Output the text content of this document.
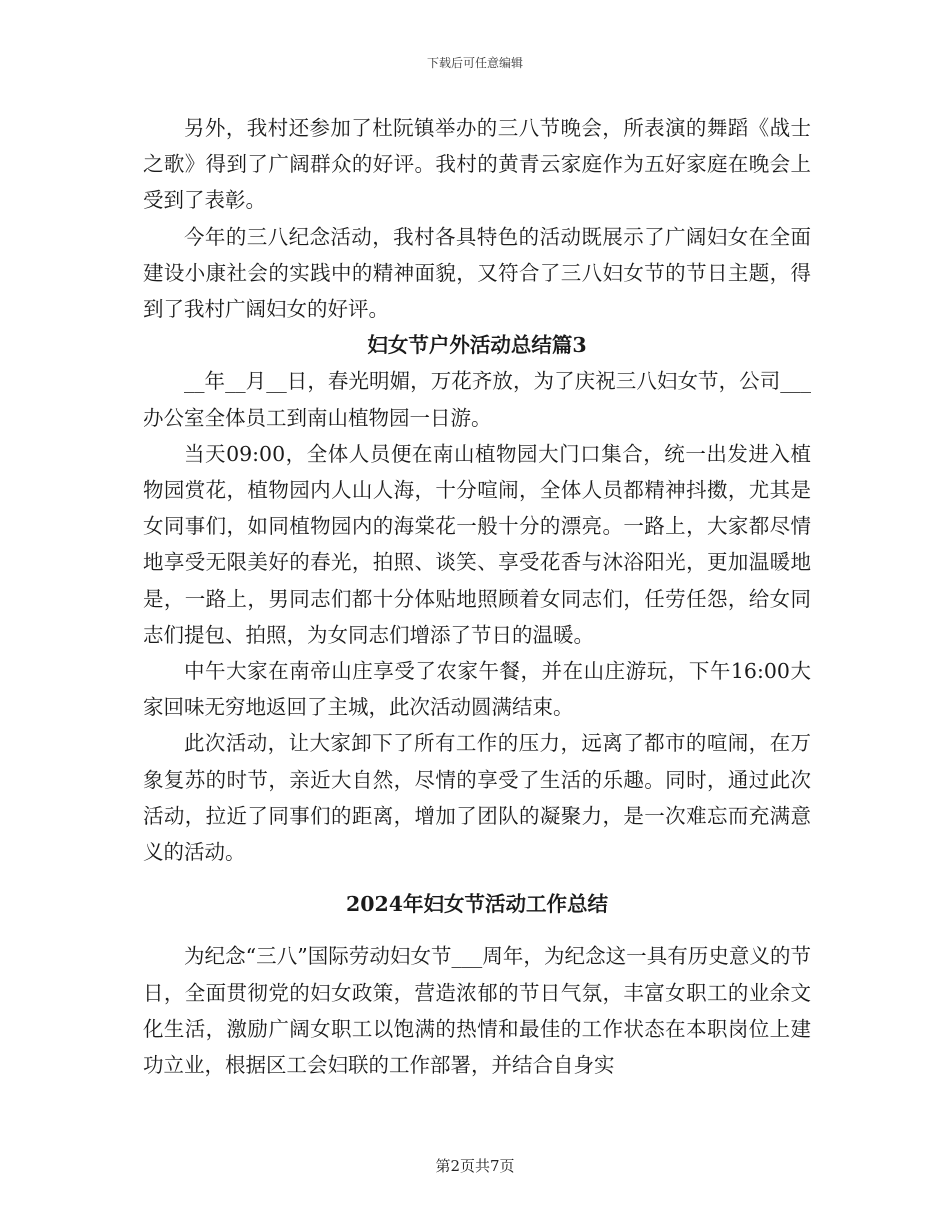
下载后可任意编辑

另外，我村还参加了杜阮镇举办的三八节晚会，所表演的舞蹈《战士之歌》得到了广阔群众的好评。我村的黄青云家庭作为五好家庭在晚会上受到了表彰。

今年的三八纪念活动，我村各具特色的活动既展示了广阔妇女在全面建设小康社会的实践中的精神面貌，又符合了三八妇女节的节日主题，得到了我村广阔妇女的好评。

妇女节户外活动总结篇3

__年__月__日，春光明媚，万花齐放，为了庆祝三八妇女节，公司___办公室全体员工到南山植物园一日游。

当天09:00，全体人员便在南山植物园大门口集合，统一出发进入植物园赏花，植物园内人山人海，十分喧闹，全体人员都精神抖擞，尤其是女同事们，如同植物园内的海棠花一般十分的漂亮。一路上，大家都尽情地享受无限美好的春光，拍照、谈笑、享受花香与沐浴阳光，更加温暖地是，一路上，男同志们都十分体贴地照顾着女同志们，任劳任怨，给女同志们提包、拍照，为女同志们增添了节日的温暖。

中午大家在南帝山庄享受了农家午餐，并在山庄游玩，下午16:00大家回味无穷地返回了主城，此次活动圆满结束。

此次活动，让大家卸下了所有工作的压力，远离了都市的喧闹，在万象复苏的时节，亲近大自然，尽情的享受了生活的乐趣。同时，通过此次活动，拉近了同事们的距离，增加了团队的凝聚力，是一次难忘而充满意义的活动。

2024年妇女节活动工作总结

为纪念“三八”国际劳动妇女节___周年，为纪念这一具有历史意义的节日，全面贯彻党的妇女政策，营造浓郁的节日气氛，丰富女职工的业余文化生活，激励广阔女职工以饱满的热情和最佳的工作状态在本职岗位上建功立业，根据区工会妇联的工作部署，并结合自身实

第2页共7页
